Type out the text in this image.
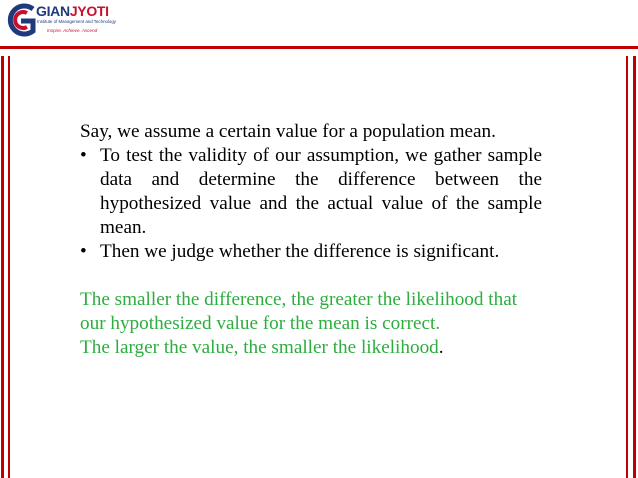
GIANJYOTI
Institute of Management and Technology
Inspire. Achieve. Ascend

Say, we assume a certain value for a population mean.

• To test the validity of our assumption, we gather sample data and determine the difference between the hypothesized value and the actual value of the sample mean.
• Then we judge whether the difference is significant.

The smaller the difference, the greater the likelihood that our hypothesized value for the mean is correct.

The larger the value, the smaller the likelihood.
